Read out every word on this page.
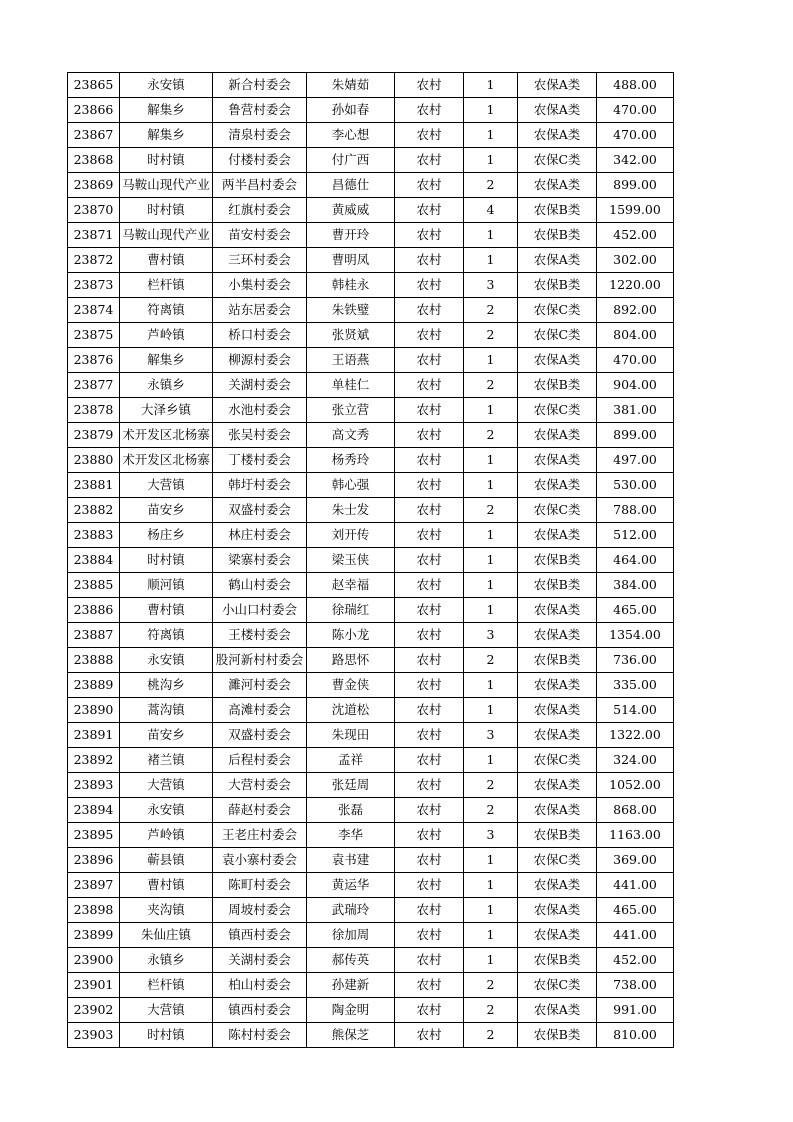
23865	永安镇	新合村委会	朱婧茹	农村	1	农保A类	488.00
23866	解集乡	鲁营村委会	孙如春	农村	1	农保A类	470.00
23867	解集乡	清泉村委会	李心想	农村	1	农保A类	470.00
23868	时村镇	付楼村委会	付广西	农村	1	农保C类	342.00
23869	马鞍山现代产业	两半昌村委会	昌德仕	农村	2	农保A类	899.00
23870	时村镇	红旗村委会	黄威威	农村	4	农保B类	1599.00
23871	马鞍山现代产业	苗安村委会	曹开玲	农村	1	农保B类	452.00
23872	曹村镇	三环村委会	曹明凤	农村	1	农保A类	302.00
23873	栏杆镇	小集村委会	韩桂永	农村	3	农保B类	1220.00
23874	符离镇	站东居委会	朱铁璧	农村	2	农保C类	892.00
23875	芦岭镇	桥口村委会	张贤斌	农村	2	农保C类	804.00
23876	解集乡	柳源村委会	王语燕	农村	1	农保A类	470.00
23877	永镇乡	关湖村委会	单桂仁	农村	2	农保B类	904.00
23878	大泽乡镇	水池村委会	张立营	农村	1	农保C类	381.00
23879	术开发区北杨寨	张吴村委会	高文秀	农村	2	农保A类	899.00
23880	术开发区北杨寨	丁楼村委会	杨秀玲	农村	1	农保A类	497.00
23881	大营镇	韩圩村委会	韩心强	农村	1	农保A类	530.00
23882	苗安乡	双盛村委会	朱士发	农村	2	农保C类	788.00
23883	杨庄乡	林庄村委会	刘开传	农村	1	农保A类	512.00
23884	时村镇	梁寨村委会	梁玉侠	农村	1	农保B类	464.00
23885	顺河镇	鹤山村委会	赵幸福	农村	1	农保B类	384.00
23886	曹村镇	小山口村委会	徐瑞红	农村	1	农保A类	465.00
23887	符离镇	王楼村委会	陈小龙	农村	3	农保A类	1354.00
23888	永安镇	股河新村村委会	路思怀	农村	2	农保B类	736.00
23889	桃沟乡	濉河村委会	曹金侠	农村	1	农保A类	335.00
23890	蒿沟镇	高滩村委会	沈道松	农村	1	农保A类	514.00
23891	苗安乡	双盛村委会	朱现田	农村	3	农保A类	1322.00
23892	褚兰镇	后程村委会	孟祥	农村	1	农保C类	324.00
23893	大营镇	大营村委会	张廷周	农村	2	农保A类	1052.00
23894	永安镇	薛赵村委会	张磊	农村	2	农保A类	868.00
23895	芦岭镇	王老庄村委会	李华	农村	3	农保B类	1163.00
23896	蕲县镇	袁小寨村委会	袁书建	农村	1	农保C类	369.00
23897	曹村镇	陈町村委会	黄运华	农村	1	农保A类	441.00
23898	夹沟镇	周坡村委会	武瑞玲	农村	1	农保A类	465.00
23899	朱仙庄镇	镇西村委会	徐加周	农村	1	农保A类	441.00
23900	永镇乡	关湖村委会	郝传英	农村	1	农保B类	452.00
23901	栏杆镇	柏山村委会	孙建新	农村	2	农保C类	738.00
23902	大营镇	镇西村委会	陶金明	农村	2	农保A类	991.00
23903	时村镇	陈村村委会	熊保芝	农村	2	农保B类	810.00
